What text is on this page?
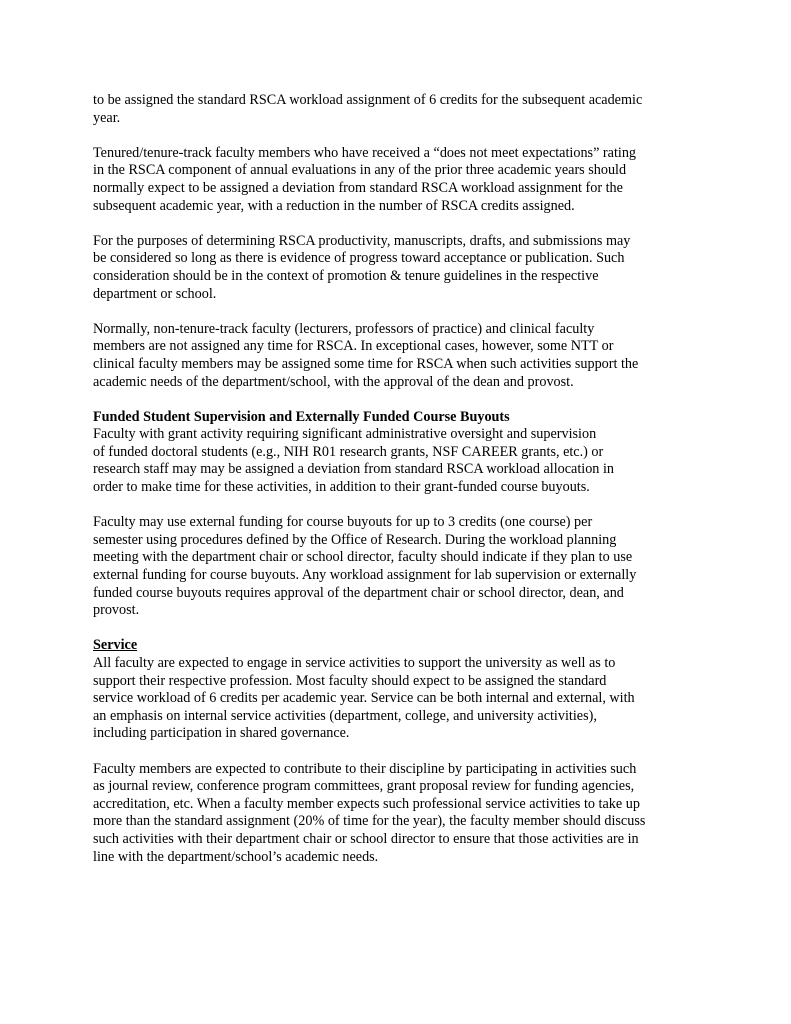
to be assigned the standard RSCA workload assignment of 6 credits for the subsequent academic
year.
Tenured/tenure-track faculty members who have received a “does not meet expectations” rating
in the RSCA component of annual evaluations in any of the prior three academic years should
normally expect to be assigned a deviation from standard RSCA workload assignment for the
subsequent academic year, with a reduction in the number of RSCA credits assigned.
For the purposes of determining RSCA productivity, manuscripts, drafts, and submissions may
be considered so long as there is evidence of progress toward acceptance or publication. Such
consideration should be in the context of promotion & tenure guidelines in the respective
department or school.
Normally, non-tenure-track faculty (lecturers, professors of practice) and clinical faculty
members are not assigned any time for RSCA. In exceptional cases, however, some NTT or
clinical faculty members may be assigned some time for RSCA when such activities support the
academic needs of the department/school, with the approval of the dean and provost.
Funded Student Supervision and Externally Funded Course Buyouts
Faculty with grant activity requiring significant administrative oversight and supervision
of funded doctoral students (e.g., NIH R01 research grants, NSF CAREER grants, etc.) or
research staff may may be assigned a deviation from standard RSCA workload allocation in
order to make time for these activities, in addition to their grant-funded course buyouts.
Faculty may use external funding for course buyouts for up to 3 credits (one course) per
semester using procedures defined by the Office of Research. During the workload planning
meeting with the department chair or school director, faculty should indicate if they plan to use
external funding for course buyouts. Any workload assignment for lab supervision or externally
funded course buyouts requires approval of the department chair or school director, dean, and
provost.
Service
All faculty are expected to engage in service activities to support the university as well as to
support their respective profession. Most faculty should expect to be assigned the standard
service workload of 6 credits per academic year. Service can be both internal and external, with
an emphasis on internal service activities (department, college, and university activities),
including participation in shared governance.
Faculty members are expected to contribute to their discipline by participating in activities such
as journal review, conference program committees, grant proposal review for funding agencies,
accreditation, etc. When a faculty member expects such professional service activities to take up
more than the standard assignment (20% of time for the year), the faculty member should discuss
such activities with their department chair or school director to ensure that those activities are in
line with the department/school’s academic needs.
